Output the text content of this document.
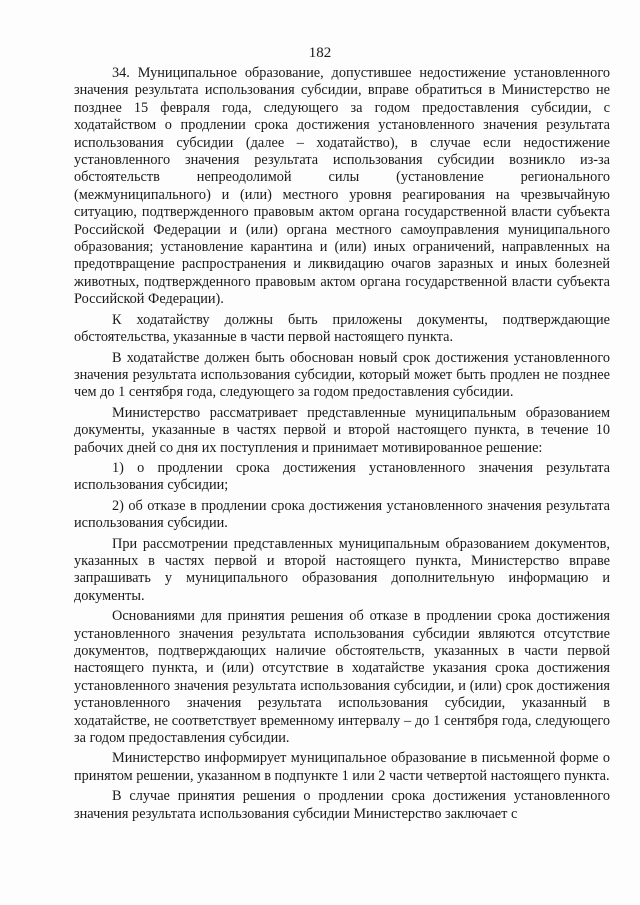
182

34. Муниципальное образование, допустившее недостижение установленного значения результата использования субсидии, вправе обратиться в Министерство не позднее 15 февраля года, следующего за годом предоставления субсидии, с ходатайством о продлении срока достижения установленного значения результата использования субсидии (далее – ходатайство), в случае если недостижение установленного значения результата использования субсидии возникло из-за обстоятельств непреодолимой силы (установление регионального (межмуниципального) и (или) местного уровня реагирования на чрезвычайную ситуацию, подтвержденного правовым актом органа государственной власти субъекта Российской Федерации и (или) органа местного самоуправления муниципального образования; установление карантина и (или) иных ограничений, направленных на предотвращение распространения и ликвидацию очагов заразных и иных болезней животных, подтвержденного правовым актом органа государственной власти субъекта Российской Федерации).

К ходатайству должны быть приложены документы, подтверждающие обстоятельства, указанные в части первой настоящего пункта.

В ходатайстве должен быть обоснован новый срок достижения установленного значения результата использования субсидии, который может быть продлен не позднее чем до 1 сентября года, следующего за годом предоставления субсидии.

Министерство рассматривает представленные муниципальным образованием документы, указанные в частях первой и второй настоящего пункта, в течение 10 рабочих дней со дня их поступления и принимает мотивированное решение:

1) о продлении срока достижения установленного значения результата использования субсидии;

2) об отказе в продлении срока достижения установленного значения результата использования субсидии.

При рассмотрении представленных муниципальным образованием документов, указанных в частях первой и второй настоящего пункта, Министерство вправе запрашивать у муниципального образования дополнительную информацию и документы.

Основаниями для принятия решения об отказе в продлении срока достижения установленного значения результата использования субсидии являются отсутствие документов, подтверждающих наличие обстоятельств, указанных в части первой настоящего пункта, и (или) отсутствие в ходатайстве указания срока достижения установленного значения результата использования субсидии, и (или) срок достижения установленного значения результата использования субсидии, указанный в ходатайстве, не соответствует временному интервалу – до 1 сентября года, следующего за годом предоставления субсидии.

Министерство информирует муниципальное образование в письменной форме о принятом решении, указанном в подпункте 1 или 2 части четвертой настоящего пункта.

В случае принятия решения о продлении срока достижения установленного значения результата использования субсидии Министерство заключает с
